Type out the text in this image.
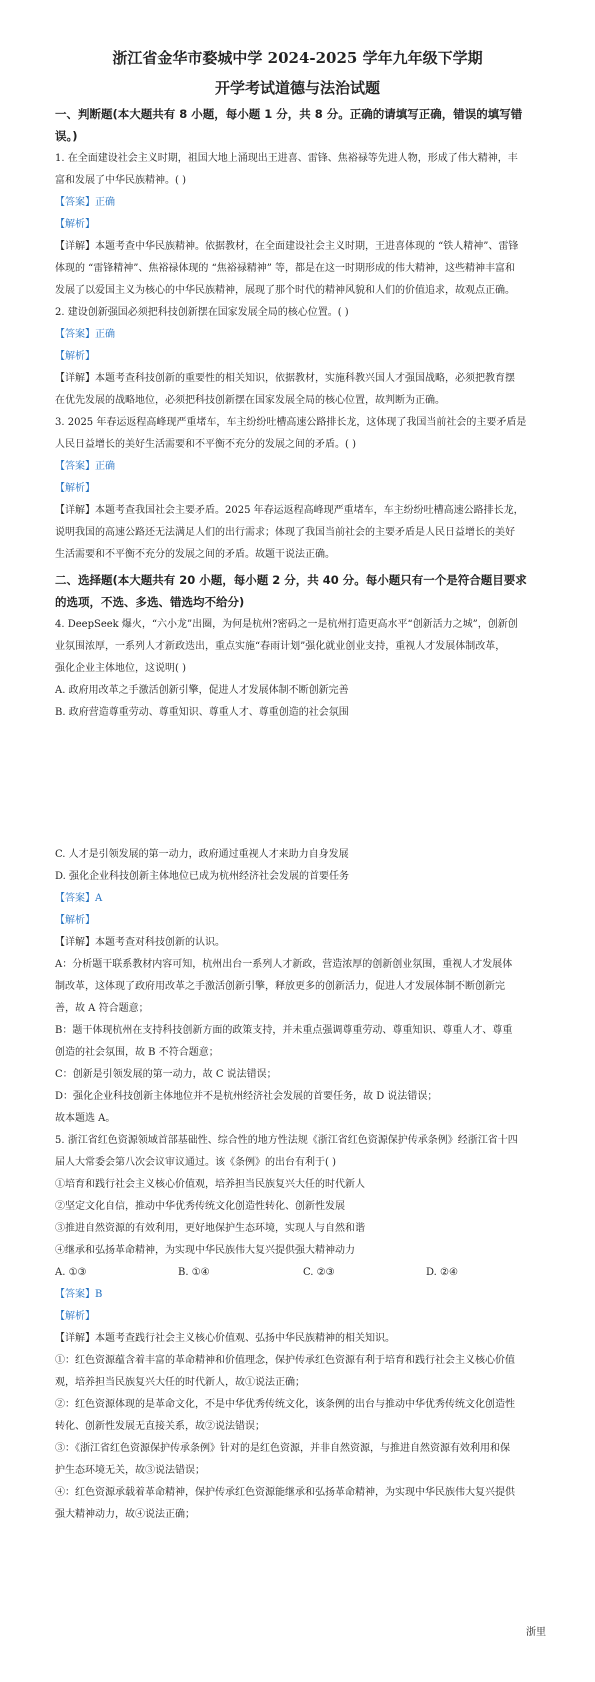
浙江省金华市婺城中学 2024-2025 学年九年级下学期
开学考试道德与法治试题
一、判断题(本大题共有 8 小题，每小题 1 分，共 8 分。正确的请填写正确，错误的填写错
误。)
1. 在全面建设社会主义时期，祖国大地上涌现出王进喜、雷锋、焦裕禄等先进人物，形成了伟大精神，丰
富和发展了中华民族精神。( )
【答案】正确
【解析】
【详解】本题考查中华民族精神。依据教材，在全面建设社会主义时期，王进喜体现的 “铁人精神”、雷锋
体现的 “雷锋精神”、焦裕禄体现的 “焦裕禄精神” 等，都是在这一时期形成的伟大精神，这些精神丰富和
发展了以爱国主义为核心的中华民族精神，展现了那个时代的精神风貌和人们的价值追求，故观点正确。
2. 建设创新强国必须把科技创新摆在国家发展全局的核心位置。( )
【答案】正确
【解析】
【详解】本题考查科技创新的重要性的相关知识，依据教材，实施科教兴国人才强国战略，必须把教育摆
在优先发展的战略地位，必须把科技创新摆在国家发展全局的核心位置，故判断为正确。
3. 2025 年春运返程高峰现严重堵车，车主纷纷吐槽高速公路排长龙，这体现了我国当前社会的主要矛盾是
人民日益增长的美好生活需要和不平衡不充分的发展之间的矛盾。( )
【答案】正确
【解析】
【详解】本题考查我国社会主要矛盾。2025 年春运返程高峰现严重堵车，车主纷纷吐槽高速公路排长龙，
说明我国的高速公路还无法满足人们的出行需求；体现了我国当前社会的主要矛盾是人民日益增长的美好
生活需要和不平衡不充分的发展之间的矛盾。故题干说法正确。
二、选择题(本大题共有 20 小题，每小题 2 分，共 40 分。每小题只有一个是符合题目要求
的选项，不选、多选、错选均不给分)
4. DeepSeek 爆火，“六小龙”出圈，为何是杭州?密码之一是杭州打造更高水平“创新活力之城”，创新创
业氛围浓厚，一系列人才新政迭出，重点实施“春雨计划”强化就业创业支持，重视人才发展体制改革，
强化企业主体地位，这说明( )
A. 政府用改革之手激活创新引擎，促进人才发展体制不断创新完善
B. 政府营造尊重劳动、尊重知识、尊重人才、尊重创造的社会氛围
C. 人才是引领发展的第一动力，政府通过重视人才来助力自身发展
D. 强化企业科技创新主体地位已成为杭州经济社会发展的首要任务
【答案】A
【解析】
【详解】本题考查对科技创新的认识。
A：分析题干联系教材内容可知，杭州出台一系列人才新政，营造浓厚的创新创业氛围，重视人才发展体
制改革，这体现了政府用改革之手激活创新引擎，释放更多的创新活力，促进人才发展体制不断创新完
善，故 A 符合题意；
B：题干体现杭州在支持科技创新方面的政策支持，并未重点强调尊重劳动、尊重知识、尊重人才、尊重
创造的社会氛围，故 B 不符合题意；
C：创新是引领发展的第一动力，故 C 说法错误；
D：强化企业科技创新主体地位并不是杭州经济社会发展的首要任务，故 D 说法错误；
故本题选 A。
5. 浙江省红色资源领域首部基础性、综合性的地方性法规《浙江省红色资源保护传承条例》经浙江省十四
届人大常委会第八次会议审议通过。该《条例》的出台有利于( )
①培育和践行社会主义核心价值观，培养担当民族复兴大任的时代新人
②坚定文化自信，推动中华优秀传统文化创造性转化、创新性发展
③推进自然资源的有效利用，更好地保护生态环境，实现人与自然和谐
④继承和弘扬革命精神，为实现中华民族伟大复兴提供强大精神动力
A. ①③	B. ①④	C. ②③	D. ②④
【答案】B
【解析】
【详解】本题考查践行社会主义核心价值观、弘扬中华民族精神的相关知识。
①：红色资源蕴含着丰富的革命精神和价值理念，保护传承红色资源有利于培育和践行社会主义核心价值
观，培养担当民族复兴大任的时代新人，故①说法正确；
②：红色资源体现的是革命文化，不是中华优秀传统文化，该条例的出台与推动中华优秀传统文化创造性
转化、创新性发展无直接关系，故②说法错误；
③：《浙江省红色资源保护传承条例》针对的是红色资源，并非自然资源，与推进自然资源有效利用和保
护生态环境无关，故③说法错误；
④：红色资源承载着革命精神，保护传承红色资源能继承和弘扬革命精神，为实现中华民族伟大复兴提供
强大精神动力，故④说法正确；
浙里
